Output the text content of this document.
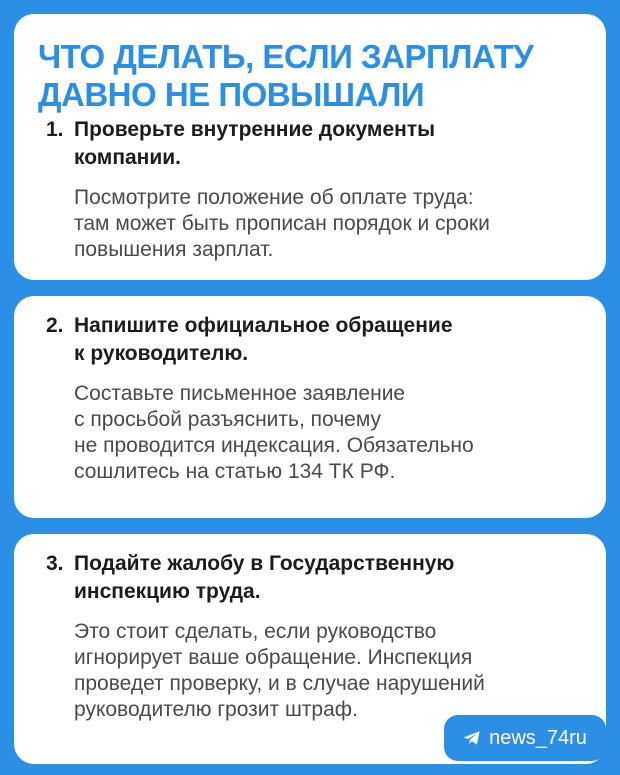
ЧТО ДЕЛАТЬ, ЕСЛИ ЗАРПЛАТУ
ДАВНО НЕ ПОВЫШАЛИ
1. Проверьте внутренние документы
компании.
Посмотрите положение об оплате труда:
там может быть прописан порядок и сроки
повышения зарплат.
2. Напишите официальное обращение
к руководителю.
Составьте письменное заявление
с просьбой разъяснить, почему
не проводится индексация. Обязательно
сошлитесь на статью 134 ТК РФ.
3. Подайте жалобу в Государственную
инспекцию труда.
Это стоит сделать, если руководство
игнорирует ваше обращение. Инспекция
проведет проверку, и в случае нарушений
руководителю грозит штраф.
news_74ru
